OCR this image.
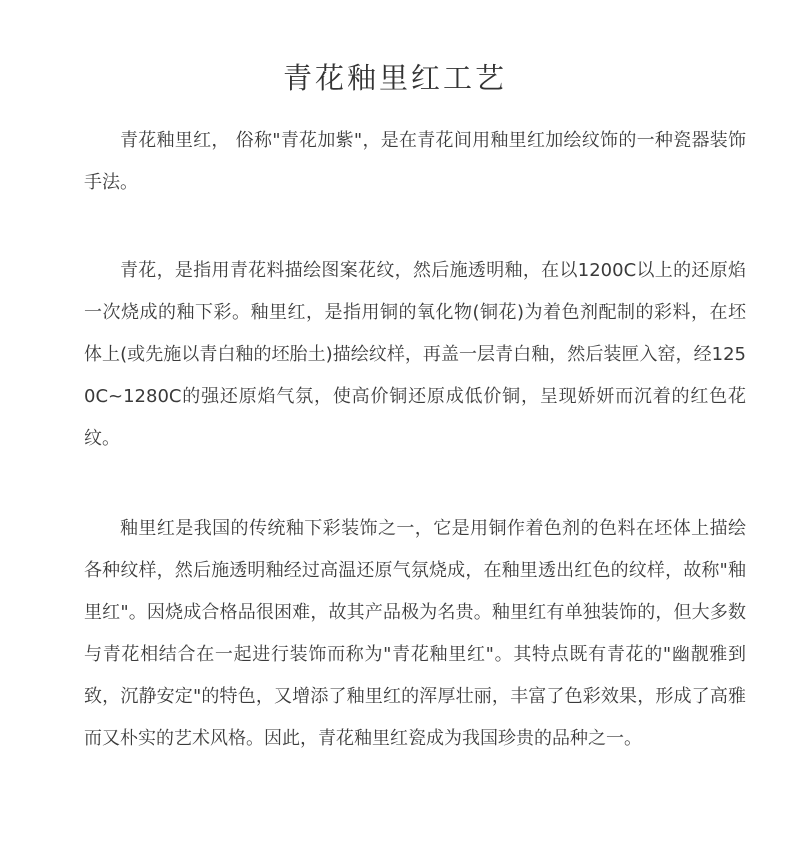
青花釉里红工艺

青花釉里红， 俗称"青花加紫"，是在青花间用釉里红加绘纹饰的一种瓷器装饰手法。

青花，是指用青花料描绘图案花纹，然后施透明釉，在以1200C以上的还原焰一次烧成的釉下彩。釉里红，是指用铜的氧化物(铜花)为着色剂配制的彩料，在坯体上(或先施以青白釉的坯胎土)描绘纹样，再盖一层青白釉，然后装匣入窑，经1250C~1280C的强还原焰气氛，使高价铜还原成低价铜，呈现娇妍而沉着的红色花纹。

釉里红是我国的传统釉下彩装饰之一，它是用铜作着色剂的色料在坯体上描绘各种纹样，然后施透明釉经过高温还原气氛烧成，在釉里透出红色的纹样，故称"釉里红"。因烧成合格品很困难，故其产品极为名贵。釉里红有单独装饰的，但大多数与青花相结合在一起进行装饰而称为"青花釉里红"。其特点既有青花的"幽靓雅到致，沉静安定"的特色，又增添了釉里红的浑厚壮丽，丰富了色彩效果，形成了高雅而又朴实的艺术风格。因此，青花釉里红瓷成为我国珍贵的品种之一。
